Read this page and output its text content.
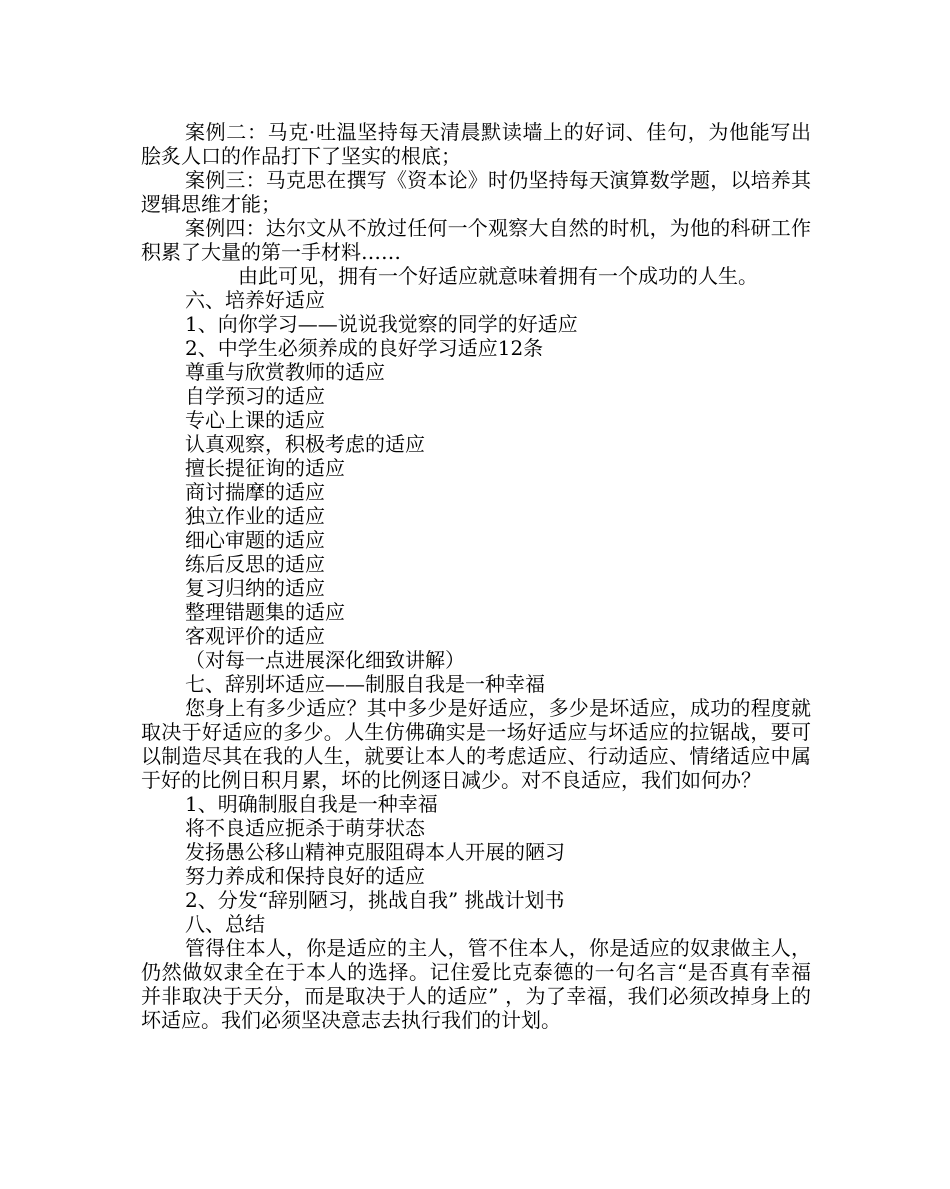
案例二：马克·吐温坚持每天清晨默读墙上的好词、佳句，为他能写出脍炙人口的作品打下了坚实的根底；

案例三：马克思在撰写《资本论》时仍坚持每天演算数学题，以培养其逻辑思维才能；

案例四：达尔文从不放过任何一个观察大自然的时机，为他的科研工作积累了大量的第一手材料……

由此可见，拥有一个好适应就意味着拥有一个成功的人生。

六、培养好适应

1、向你学习——说说我觉察的同学的好适应

2、中学生必须养成的良好学习适应12条

尊重与欣赏教师的适应

自学预习的适应

专心上课的适应

认真观察，积极考虑的适应

擅长提征询的适应

商讨揣摩的适应

独立作业的适应

细心审题的适应

练后反思的适应

复习归纳的适应

整理错题集的适应

客观评价的适应

（对每一点进展深化细致讲解）

七、辞别坏适应——制服自我是一种幸福

您身上有多少适应？其中多少是好适应，多少是坏适应，成功的程度就取决于好适应的多少。人生仿佛确实是一场好适应与坏适应的拉锯战，要可以制造尽其在我的人生，就要让本人的考虑适应、行动适应、情绪适应中属于好的比例日积月累，坏的比例逐日减少。对不良适应，我们如何办？

1、明确制服自我是一种幸福

将不良适应扼杀于萌芽状态

发扬愚公移山精神克服阻碍本人开展的陋习

努力养成和保持良好的适应

2、分发“辞别陋习，挑战自我” 挑战计划书

八、总结

管得住本人，你是适应的主人，管不住本人，你是适应的奴隶做主人，仍然做奴隶全在于本人的选择。记住爱比克泰德的一句名言“是否真有幸福并非取决于天分，而是取决于人的适应” ，为了幸福，我们必须改掉身上的坏适应。我们必须坚决意志去执行我们的计划。
